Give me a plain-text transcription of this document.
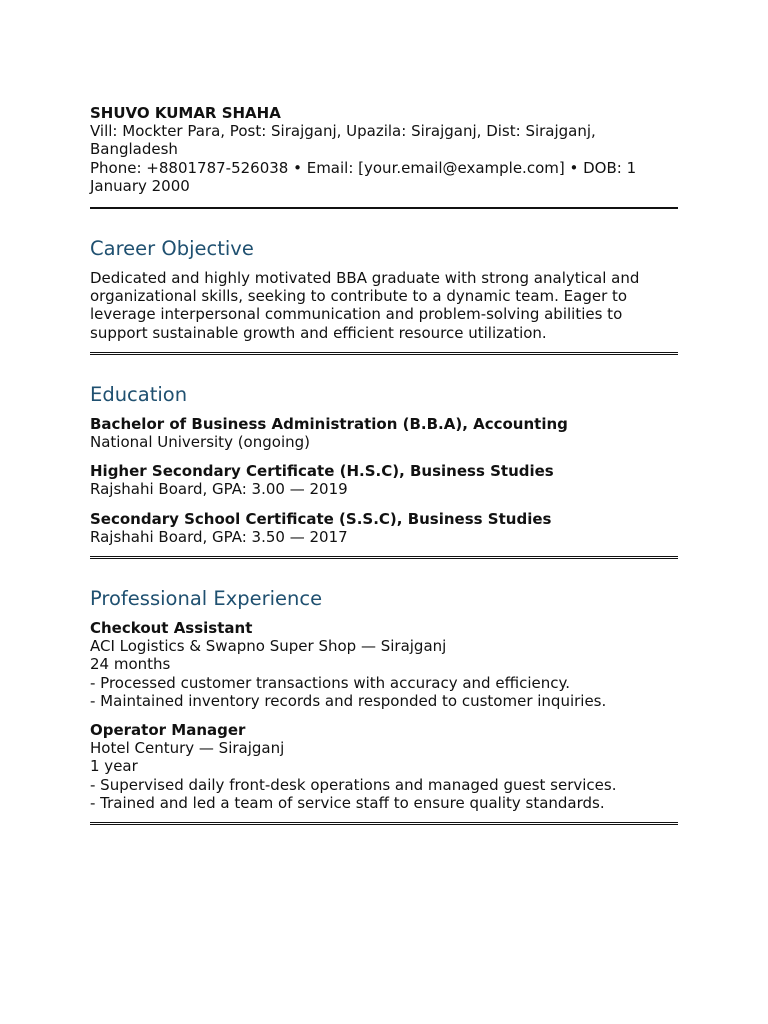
SHUVO KUMAR SHAHA
Vill: Mockter Para, Post: Sirajganj, Upazila: Sirajganj, Dist: Sirajganj,
Bangladesh
Phone: +8801787-526038 • Email: [your.email@example.com] • DOB: 1
January 2000
Career Objective

Dedicated and highly motivated BBA graduate with strong analytical and
organizational skills, seeking to contribute to a dynamic team. Eager to
leverage interpersonal communication and problem-solving abilities to
support sustainable growth and efficient resource utilization.

Education
Bachelor of Business Administration (B.B.A), Accounting
National University (ongoing)
Higher Secondary Certificate (H.S.C), Business Studies
Rajshahi Board, GPA: 3.00 — 2019
Secondary School Certificate (S.S.C), Business Studies
Rajshahi Board, GPA: 3.50 — 2017
Professional Experience
Checkout Assistant
ACI Logistics & Swapno Super Shop — Sirajganj
24 months
- Processed customer transactions with accuracy and efficiency.
- Maintained inventory records and responded to customer inquiries.
Operator Manager
Hotel Century — Sirajganj
1 year
- Supervised daily front-desk operations and managed guest services.
- Trained and led a team of service staff to ensure quality standards.
